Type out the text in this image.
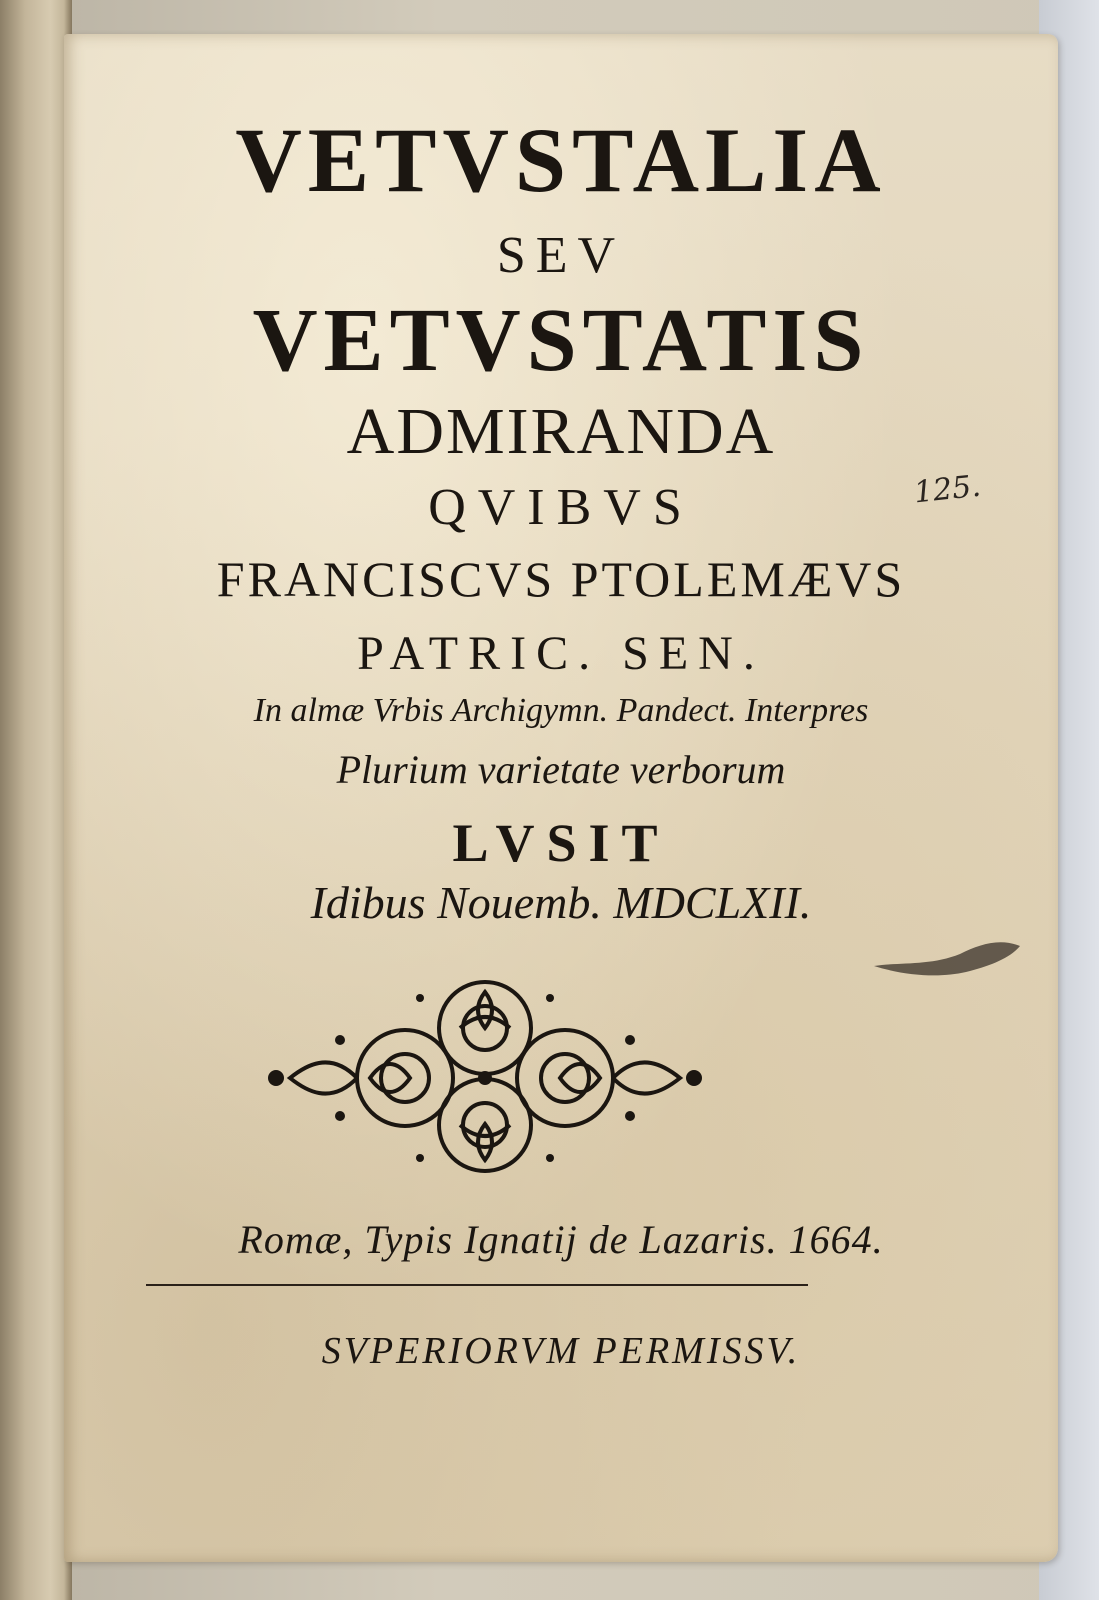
VETVSTALIA
SEV
VETVSTATIS
ADMIRANDA
QVIBVS
FRANCISCVS PTOLEMÆVS
PATRIC. SEN.
In almæ Vrbis Archigymn. Pandect. Interpres
Plurium varietate verborum
LVSIT
Idibus Nouemb. MDCLXII.
Romæ, Typis Ignatij de Lazaris. 1664.
SVPERIORVM PERMISSV.
125.
